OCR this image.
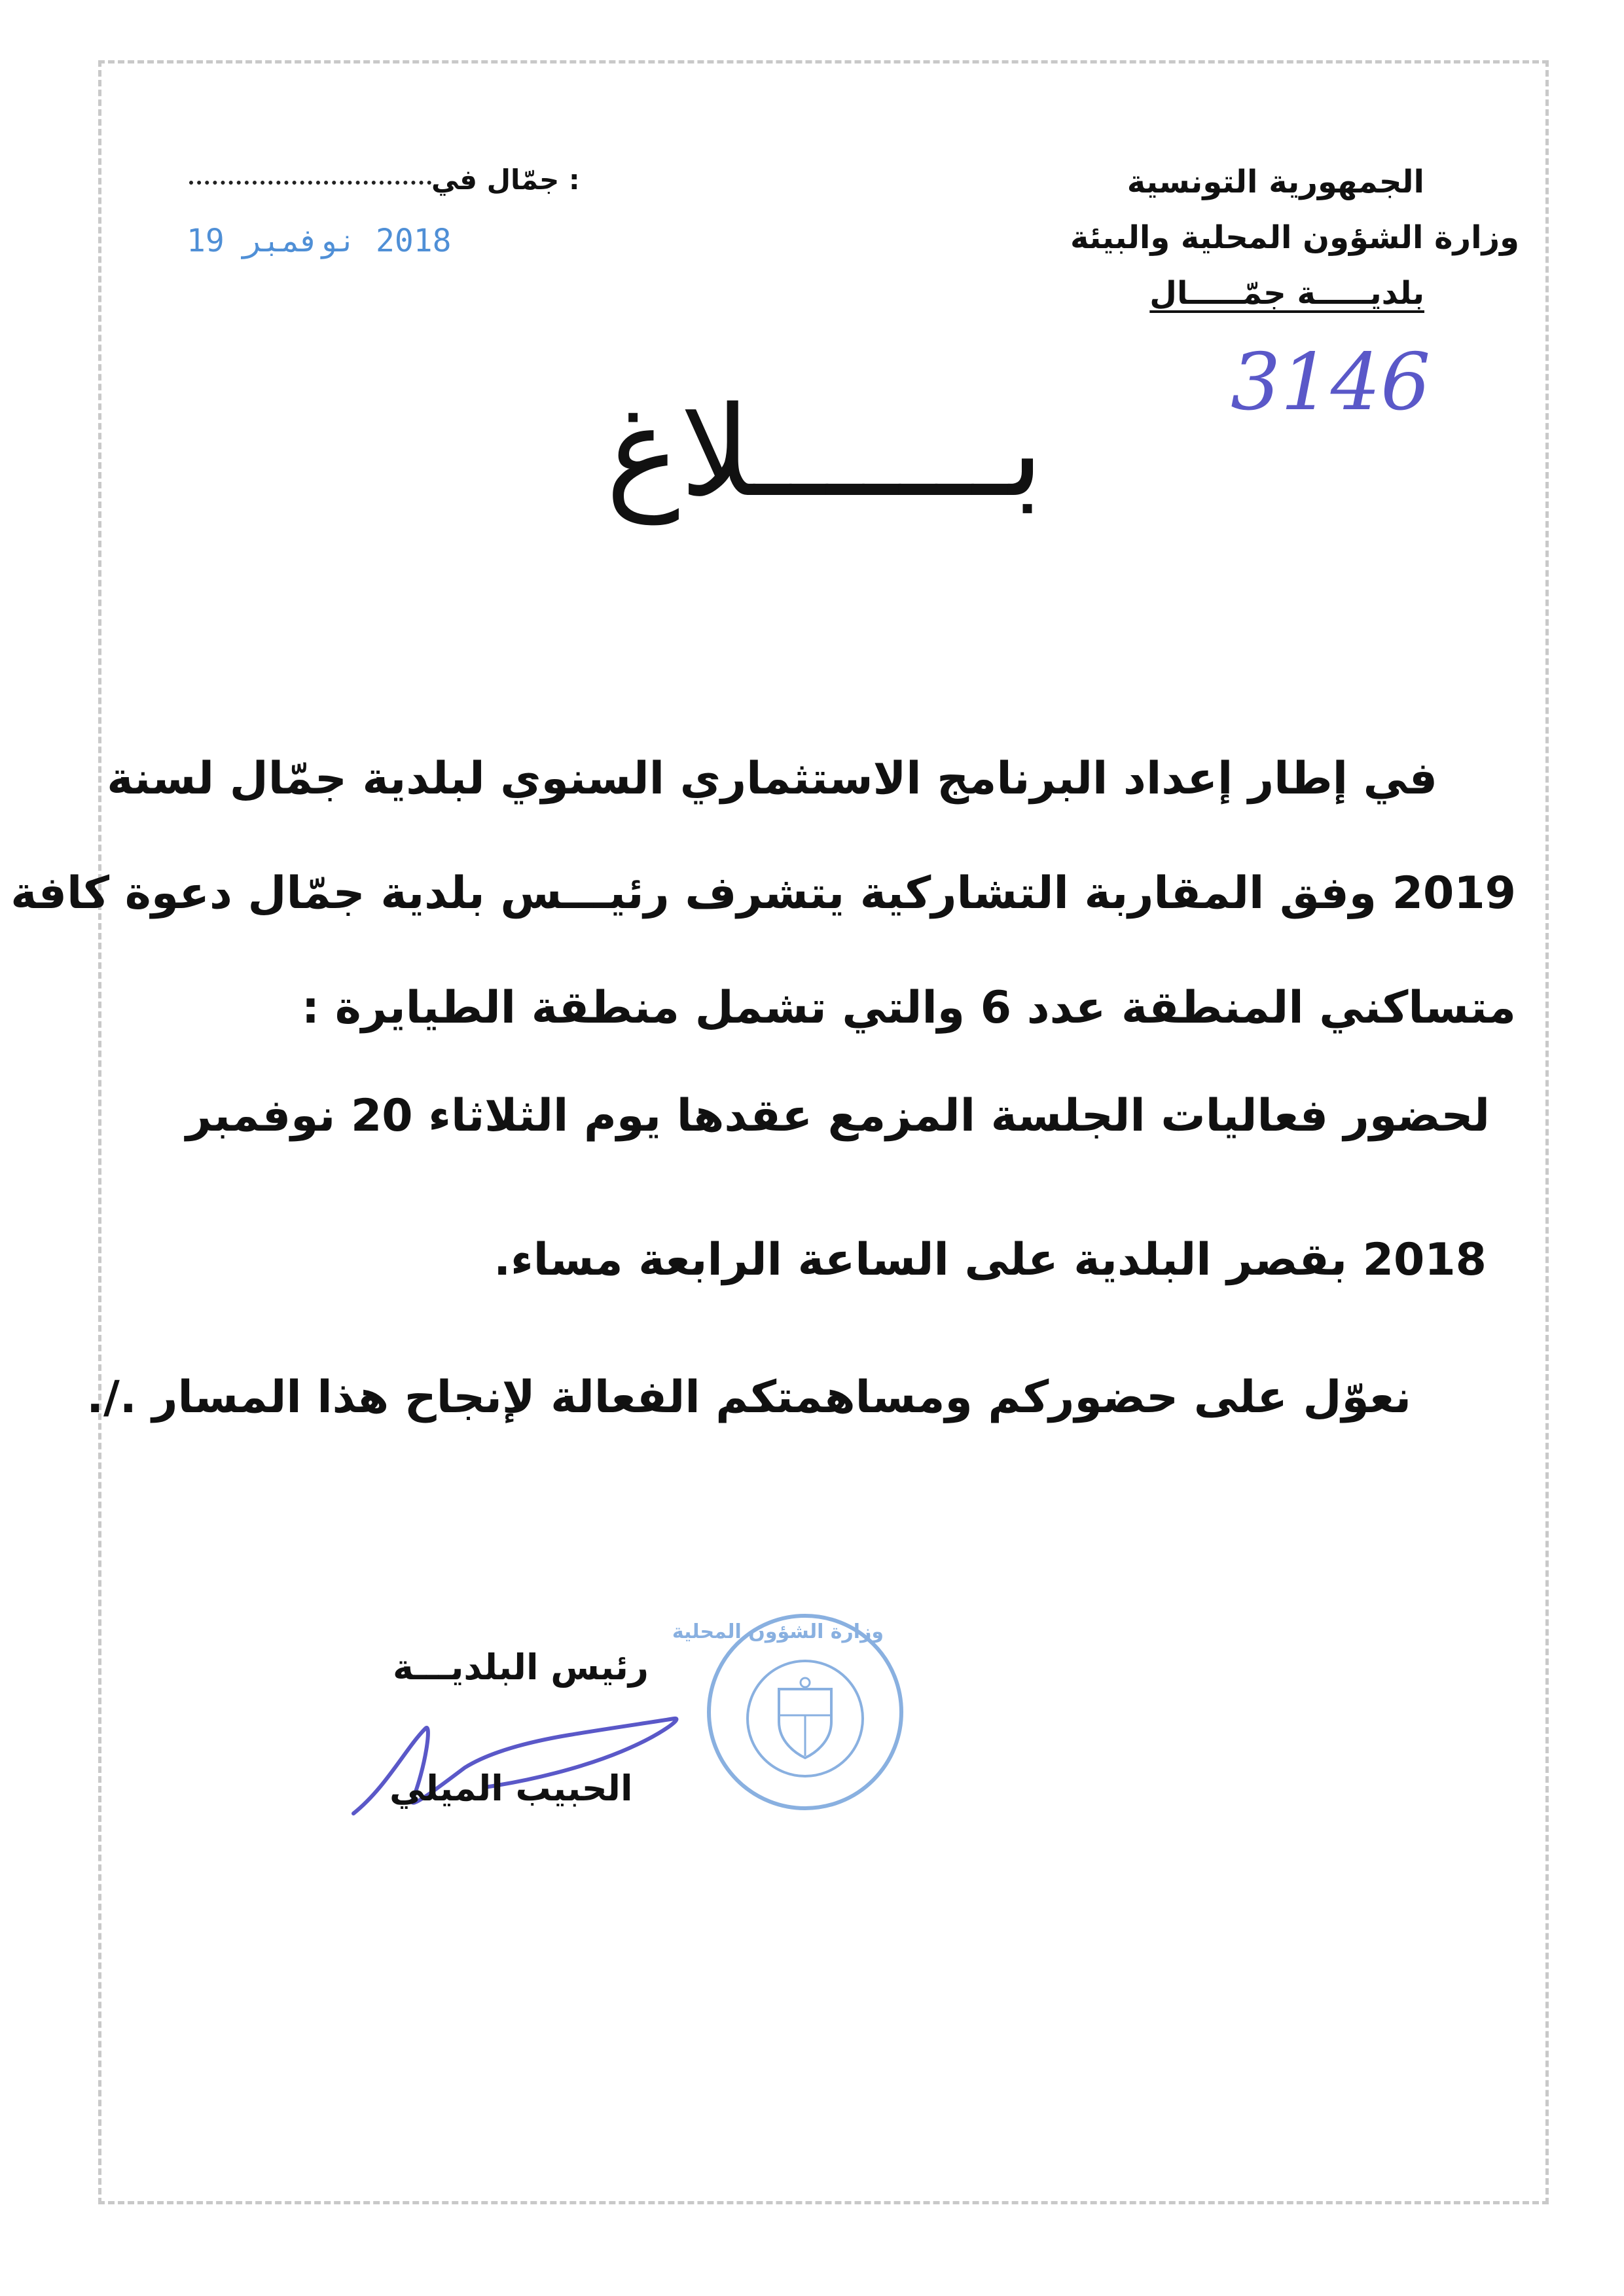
الجمهورية التونسية
وزارة الشؤون المحلية والبيئة
بلديـــــة جمّـــــال
جمّال في :
2018 نوفمبر 19
3146
بـــــــلاغ
في إطار إعداد البرنامج الاستثماري السنوي لبلدية جمّال لسنة
2019 وفق المقاربة التشاركية يتشرف رئيـــس بلدية جمّال دعوة كافة
متساكني المنطقة عدد 6 والتي تشمل منطقة الطيايرة :
لحضور فعاليات الجلسة المزمع عقدها يوم الثلاثاء 20 نوفمبر
2018 بقصر البلدية على الساعة الرابعة مساء.
نعوّل على حضوركم ومساهمتكم الفعالة لإنجاح هذا المسار ./.
رئيس البلديـــة
الحبيب الميلي
وزارة الشؤون المحلية
